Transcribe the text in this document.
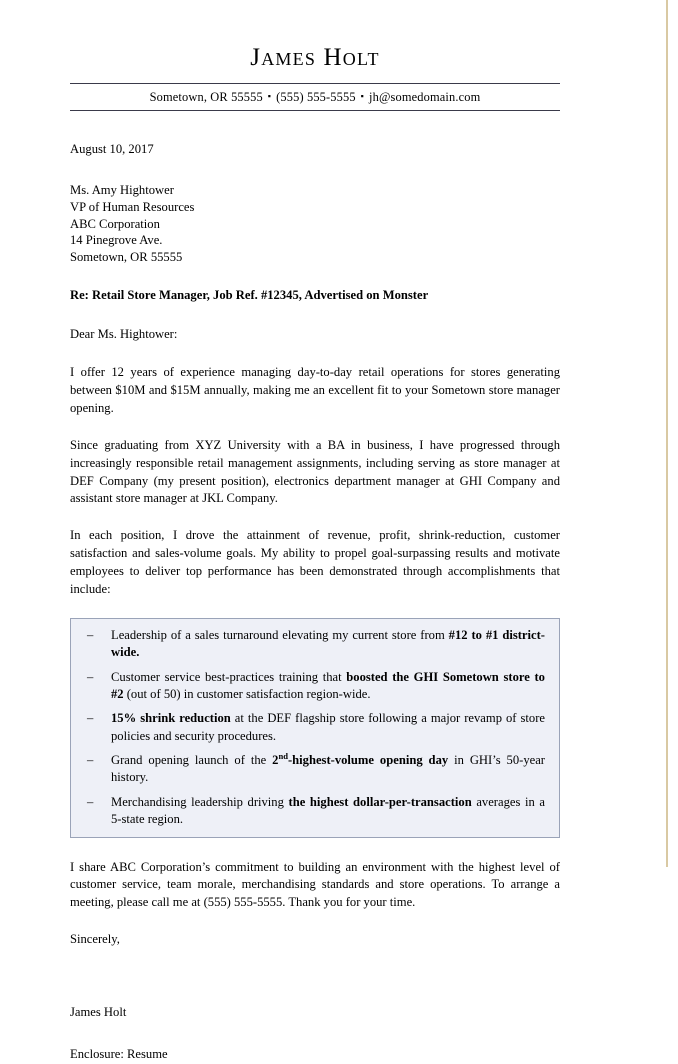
James Holt
Sometown, OR 55555 ▪ (555) 555-5555 ▪ jh@somedomain.com
August 10, 2017
Ms. Amy Hightower
VP of Human Resources
ABC Corporation
14 Pinegrove Ave.
Sometown, OR 55555
Re: Retail Store Manager, Job Ref. #12345, Advertised on Monster
Dear Ms. Hightower:

I offer 12 years of experience managing day-to-day retail operations for stores generating between $10M and $15M annually, making me an excellent fit to your Sometown store manager opening.

Since graduating from XYZ University with a BA in business, I have progressed through increasingly responsible retail management assignments, including serving as store manager at DEF Company (my present position), electronics department manager at GHI Company and assistant store manager at JKL Company.

In each position, I drove the attainment of revenue, profit, shrink-reduction, customer satisfaction and sales-volume goals. My ability to propel goal-surpassing results and motivate employees to deliver top performance has been demonstrated through accomplishments that include:

– Leadership of a sales turnaround elevating my current store from #12 to #1 district-wide.
– Customer service best-practices training that boosted the GHI Sometown store to #2 (out of 50) in customer satisfaction region-wide.
– 15% shrink reduction at the DEF flagship store following a major revamp of store policies and security procedures.
– Grand opening launch of the 2nd-highest-volume opening day in GHI’s 50-year history.
– Merchandising leadership driving the highest dollar-per-transaction averages in a 5-state region.

I share ABC Corporation’s commitment to building an environment with the highest level of customer service, team morale, merchandising standards and store operations. To arrange a meeting, please call me at (555) 555-5555. Thank you for your time.

Sincerely,
James Holt
Enclosure: Resume
